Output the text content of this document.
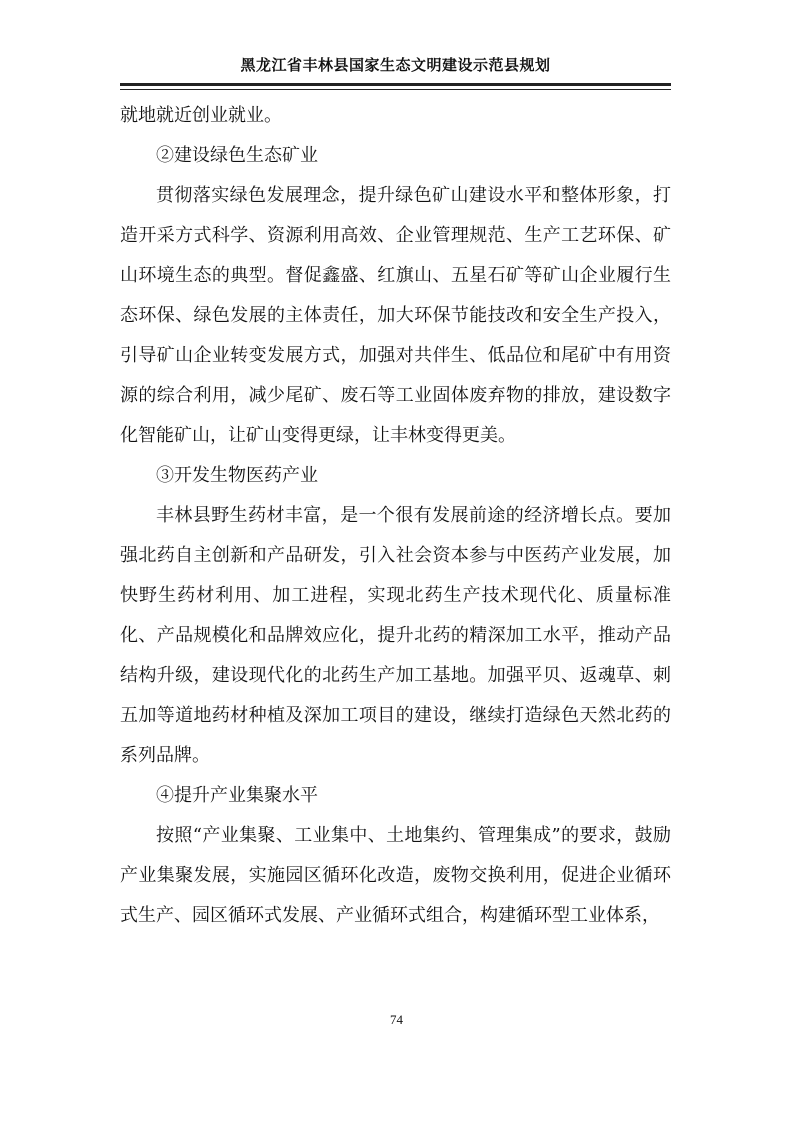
黑龙江省丰林县国家生态文明建设示范县规划

就地就近创业就业。

②建设绿色生态矿业

贯彻落实绿色发展理念，提升绿色矿山建设水平和整体形象，打造开采方式科学、资源利用高效、企业管理规范、生产工艺环保、矿山环境生态的典型。督促鑫盛、红旗山、五星石矿等矿山企业履行生态环保、绿色发展的主体责任，加大环保节能技改和安全生产投入，引导矿山企业转变发展方式，加强对共伴生、低品位和尾矿中有用资源的综合利用，减少尾矿、废石等工业固体废弃物的排放，建设数字化智能矿山，让矿山变得更绿，让丰林变得更美。

③开发生物医药产业

丰林县野生药材丰富，是一个很有发展前途的经济增长点。要加强北药自主创新和产品研发，引入社会资本参与中医药产业发展，加快野生药材利用、加工进程，实现北药生产技术现代化、质量标准化、产品规模化和品牌效应化，提升北药的精深加工水平，推动产品结构升级，建设现代化的北药生产加工基地。加强平贝、返魂草、刺五加等道地药材种植及深加工项目的建设，继续打造绿色天然北药的系列品牌。

④提升产业集聚水平

按照“产业集聚、工业集中、土地集约、管理集成”的要求，鼓励产业集聚发展，实施园区循环化改造，废物交换利用，促进企业循环式生产、园区循环式发展、产业循环式组合，构建循环型工业体系，

74
